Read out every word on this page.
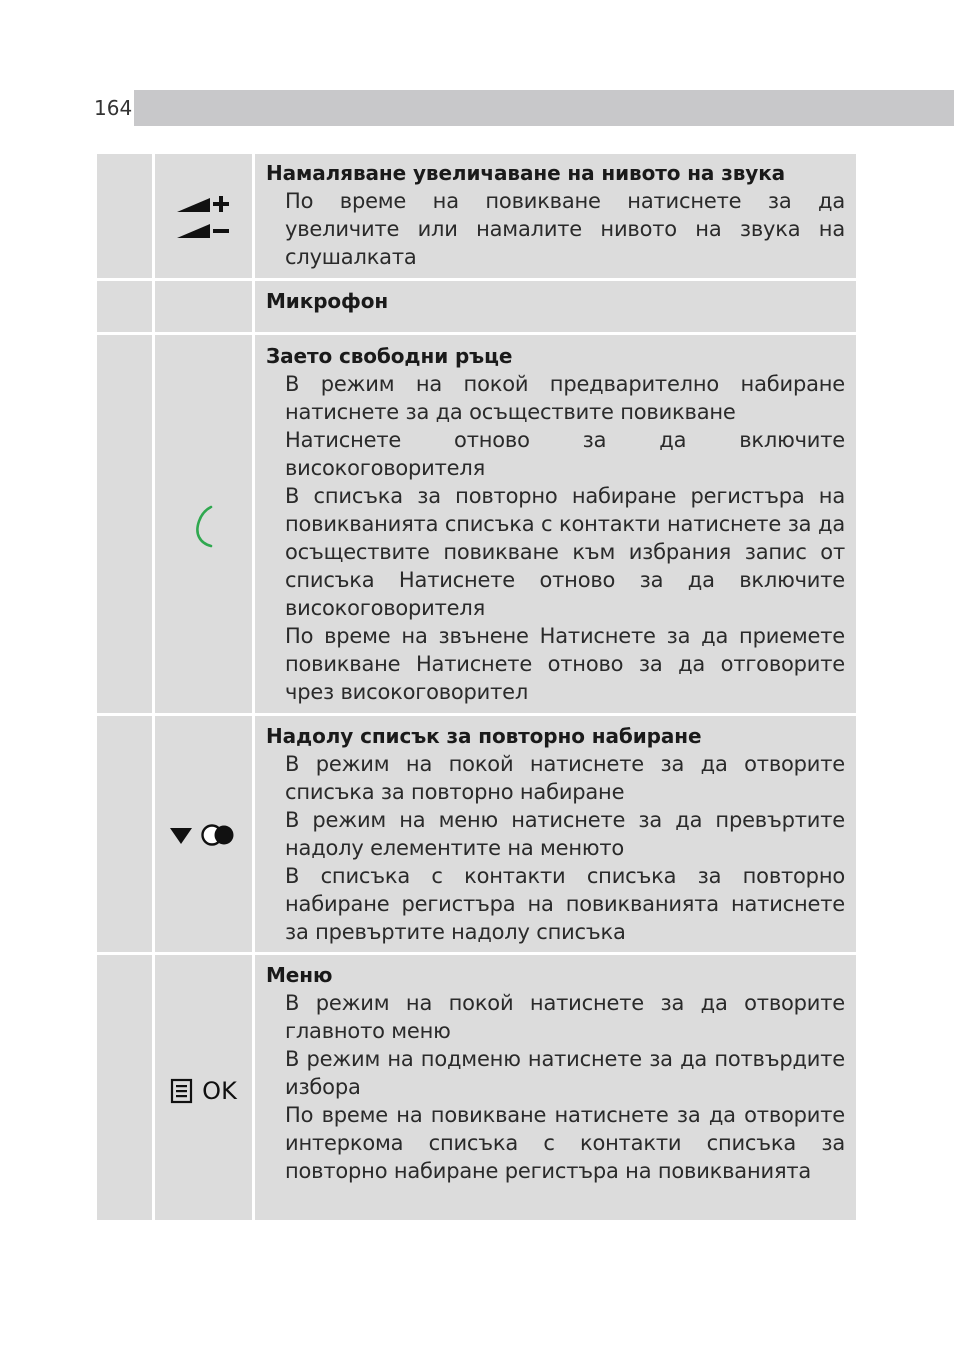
164
Намаляване увеличаване на нивото на звука
По време на повикване натиснете за да увеличите или намалите нивото на звука на слушалката
Микрофон
Заето свободни ръце
В режим на покой предварително набиране натиснете за да осъществите повикване
Натиснете отново за да включите високоговорителя
В списъка за повторно набиране регистъра на повикванията списъка с контакти натиснете за да осъществите повикване към избрания запис от списъка Натиснете отново за да включите високоговорителя
По време на звънене Натиснете за да приемете повикване Натиснете отново за да отговорите чрез високоговорител
Надолу списък за повторно набиране
В режим на покой натиснете за да отворите списъка за повторно набиране
В режим на меню натиснете за да превъртите надолу елементите на менюто
В списъка с контакти списъка за повторно набиране регистъра на повикванията натиснете за превъртите надолу списъка
OK
Меню
В режим на покой натиснете за да отворите главното меню
В режим на подменю натиснете за да потвърдите избора
По време на повикване натиснете за да отворите интеркома списъка с контакти списъка за повторно набиране регистъра на повикванията
